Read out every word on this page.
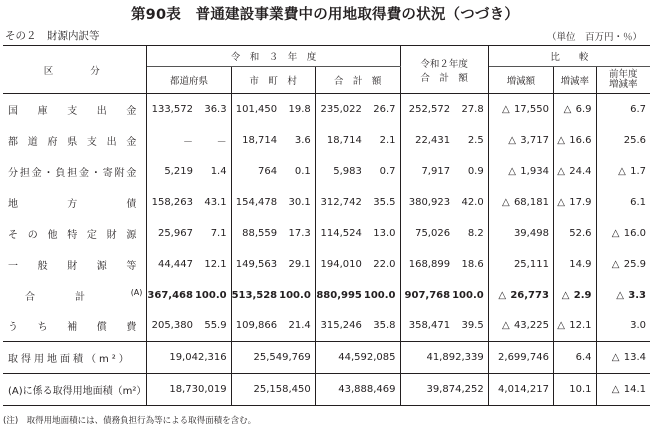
第90表　普通建設事業費中の用地取得費の状況（つづき）
その２　財源内訳等	（単位　百万円・％）
区　　分	令　和　３　年　度						令和２年度
合　計　額		比　　較		
	都道府県		市　町　村		合　計　額				増減額	増減率	前年度
増減率

国庫支出金	133,572	36.3	101,450	19.8	235,022	26.7	252,572	27.8	△ 17,550	△ 6.9	6.7
都道府県支出金	－	－	18,714	3.6	18,714	2.1	22,431	2.5	△ 3,717	△ 16.6	25.6
分担金・負担金・寄附金	5,219	1.4	764	0.1	5,983	0.7	7,917	0.9	△ 1,934	△ 24.4	△ 1.7
地方債	158,263	43.1	154,478	30.1	312,742	35.5	380,923	42.0	△ 68,181	△ 17.9	6.1
その他特定財源	25,967	7.1	88,559	17.3	114,524	13.0	75,026	8.2	39,498	52.6	△ 16.0
一般財源等	44,447	12.1	149,563	29.1	194,010	22.0	168,899	18.6	25,111	14.9	△ 25.9
合計 (A)	367,468	100.0	513,528	100.0	880,995	100.0	907,768	100.0	△ 26,773	△ 2.9	△ 3.3
うち補償費	205,380	55.9	109,866	21.4	315,246	35.8	358,471	39.5	△ 43,225	△ 12.1	3.0
取得用地面積（m²）	19,042,316		25,549,769		44,592,085		41,892,339		2,699,746	6.4	△ 13.4
(A)に係る取得用地面積（m²）	18,730,019		25,158,450		43,888,469		39,874,252		4,014,217	10.1	△ 14.1
(注)　取得用地面積には、債務負担行為等による取得面積を含む。
